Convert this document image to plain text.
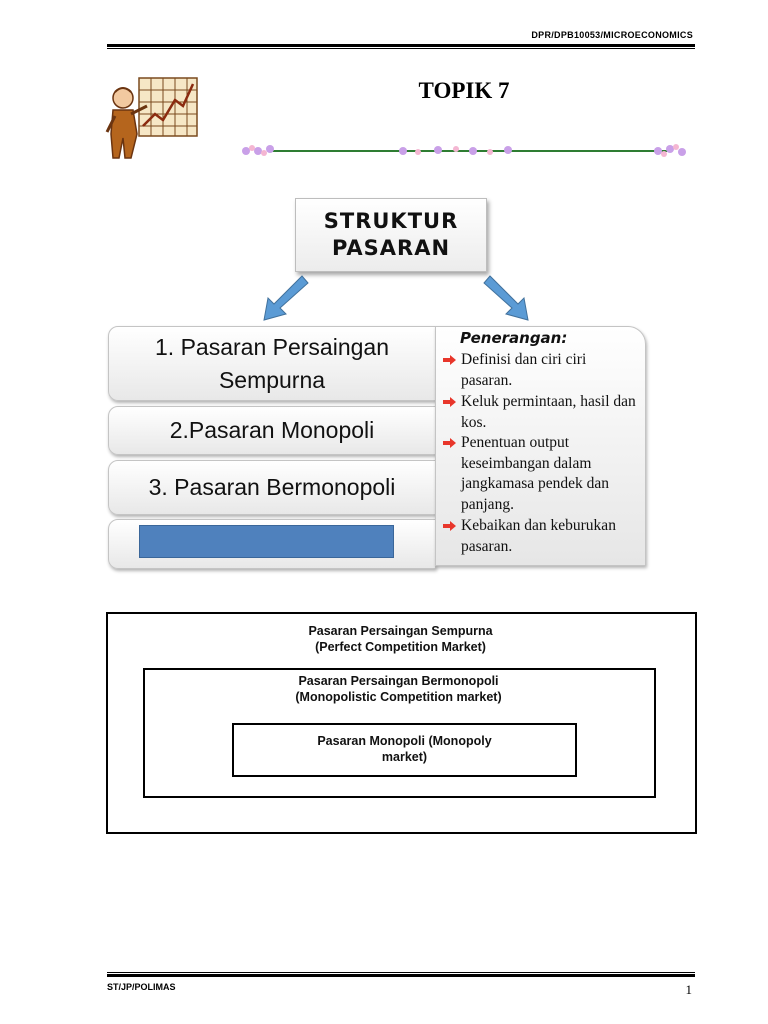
DPR/DPB10053/MICROECONOMICS
TOPIK 7
STRUKTUR
PASARAN
1. Pasaran Persaingan
Sempurna
2.Pasaran Monopoli
3. Pasaran Bermonopoli
Penerangan:
Definisi dan ciri ciri pasaran.
Keluk permintaan, hasil dan kos.
Penentuan output keseimbangan dalam jangkamasa pendek dan panjang.
Kebaikan dan keburukan pasaran.
Pasaran Persaingan Sempurna
(Perfect Competition Market)
Pasaran Persaingan Bermonopoli
(Monopolistic Competition market)
Pasaran Monopoli (Monopoly
market)
ST/JP/POLIMAS	1
